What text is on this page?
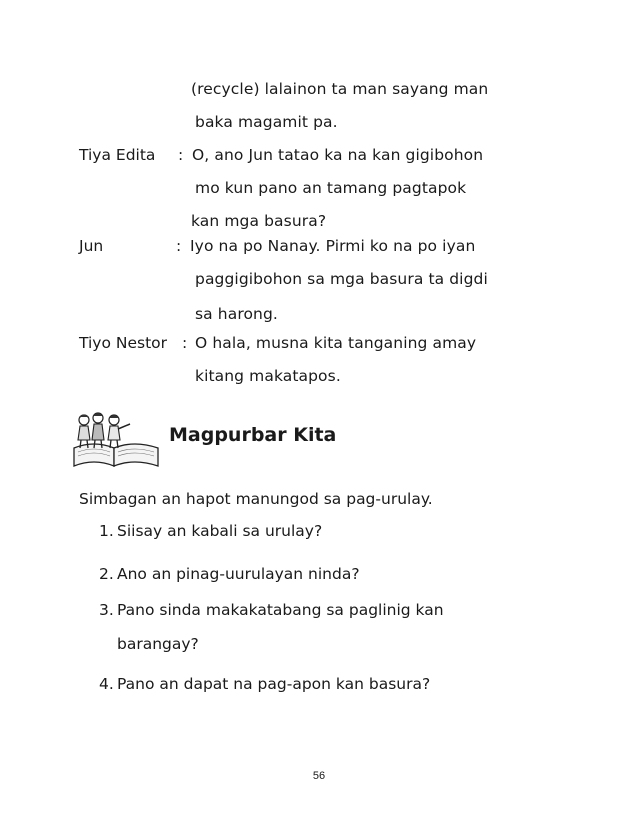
(recycle) lalainon ta man sayang man
baka magamit pa.
Tiya Edita : O, ano Jun tatao ka na kan gigibohon
mo kun pano an tamang pagtapok
kan mga basura?
Jun	: Iyo na po Nanay. Pirmi ko na po iyan
paggigibohon sa mga basura ta digdi
sa harong.
Tiyo Nestor : O hala, musna kita tanganing amay
kitang makatapos.
Magpurbar Kita
Simbagan an hapot manungod sa pag-urulay.
1. Siisay an kabali sa urulay?
2. Ano an pinag-uurulayan ninda?
3. Pano sinda makakatabang sa paglinig kan
barangay?
4. Pano an dapat na pag-apon kan basura?
56
